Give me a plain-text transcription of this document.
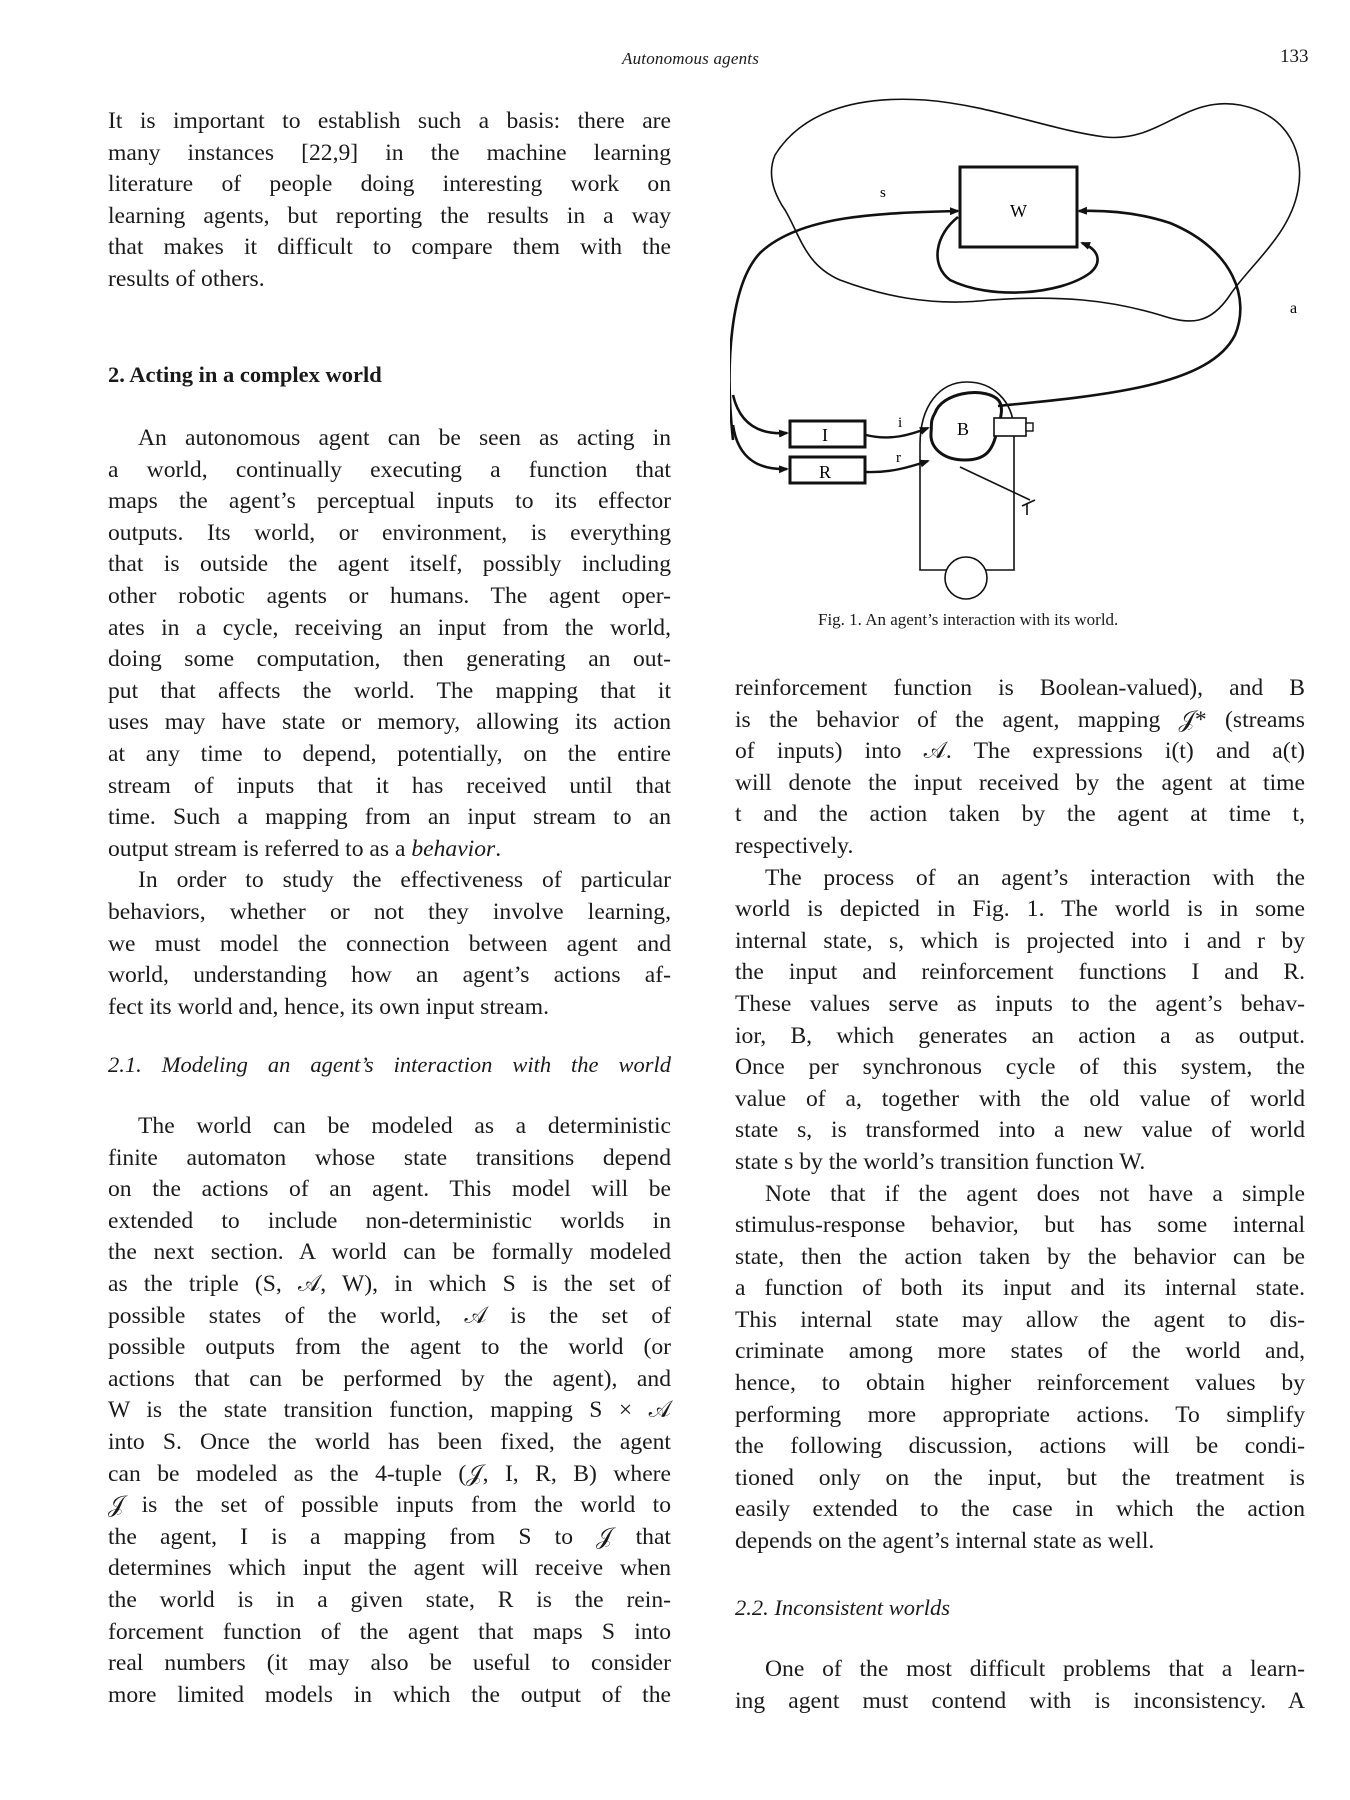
Autonomous agents	133
It is important to establish such a basis: there are
many instances [22,9] in the machine learning
literature of people doing interesting work on
learning agents, but reporting the results in a way
that makes it difficult to compare them with the
results of others.
2. Acting in a complex world
An autonomous agent can be seen as acting in
a world, continually executing a function that
maps the agent’s perceptual inputs to its effector
outputs. Its world, or environment, is everything
that is outside the agent itself, possibly including
other robotic agents or humans. The agent oper-
ates in a cycle, receiving an input from the world,
doing some computation, then generating an out-
put that affects the world. The mapping that it
uses may have state or memory, allowing its action
at any time to depend, potentially, on the entire
stream of inputs that it has received until that
time. Such a mapping from an input stream to an
output stream is referred to as a behavior.
In order to study the effectiveness of particular
behaviors, whether or not they involve learning,
we must model the connection between agent and
world, understanding how an agent’s actions af-
fect its world and, hence, its own input stream.
2.1. Modeling an agent’s interaction with the world
The world can be modeled as a deterministic
finite automaton whose state transitions depend
on the actions of an agent. This model will be
extended to include non-deterministic worlds in
the next section. A world can be formally modeled
as the triple (S, 𝒜, W), in which S is the set of
possible states of the world, 𝒜 is the set of
possible outputs from the agent to the world (or
actions that can be performed by the agent), and
W is the state transition function, mapping S × 𝒜
into S. Once the world has been fixed, the agent
can be modeled as the 4-tuple (𝒥, I, R, B) where
𝒥 is the set of possible inputs from the world to
the agent, I is a mapping from S to 𝒥 that
determines which input the agent will receive when
the world is in a given state, R is the rein-
forcement function of the agent that maps S into
real numbers (it may also be useful to consider
more limited models in which the output of the
W
s
a
I
R
i
r
B
Fig. 1. An agent’s interaction with its world.
reinforcement function is Boolean-valued), and B
is the behavior of the agent, mapping 𝒥* (streams
of inputs) into 𝒜. The expressions i(t) and a(t)
will denote the input received by the agent at time
t and the action taken by the agent at time t,
respectively.
The process of an agent’s interaction with the
world is depicted in Fig. 1. The world is in some
internal state, s, which is projected into i and r by
the input and reinforcement functions I and R.
These values serve as inputs to the agent’s behav-
ior, B, which generates an action a as output.
Once per synchronous cycle of this system, the
value of a, together with the old value of world
state s, is transformed into a new value of world
state s by the world’s transition function W.
Note that if the agent does not have a simple
stimulus-response behavior, but has some internal
state, then the action taken by the behavior can be
a function of both its input and its internal state.
This internal state may allow the agent to dis-
criminate among more states of the world and,
hence, to obtain higher reinforcement values by
performing more appropriate actions. To simplify
the following discussion, actions will be condi-
tioned only on the input, but the treatment is
easily extended to the case in which the action
depends on the agent’s internal state as well.
2.2. Inconsistent worlds
One of the most difficult problems that a learn-
ing agent must contend with is inconsistency. A
